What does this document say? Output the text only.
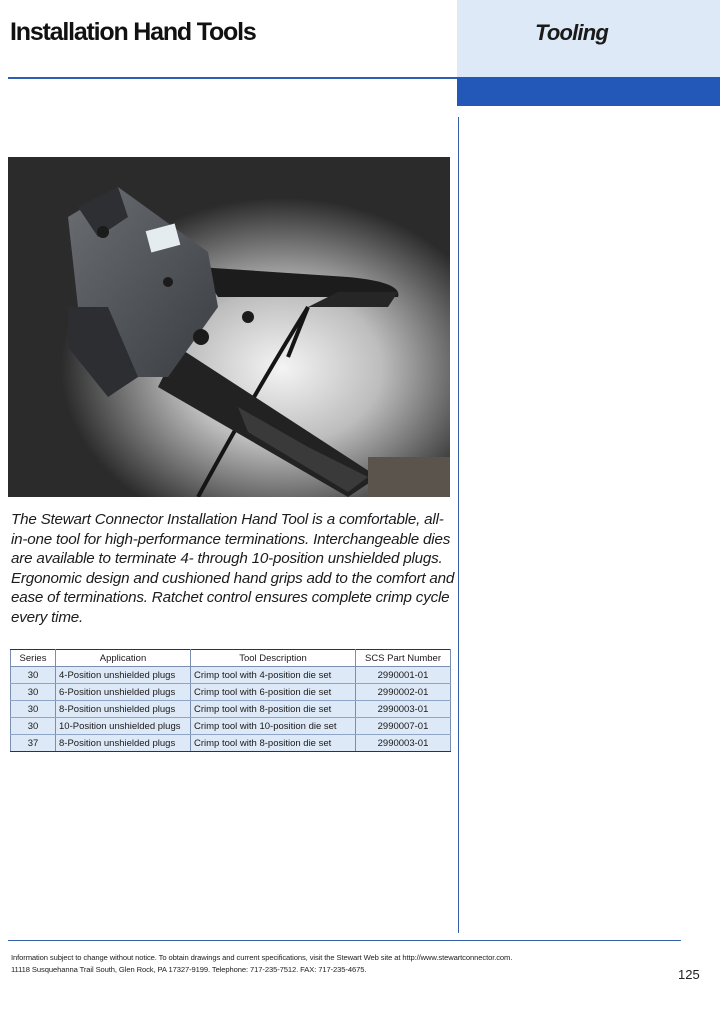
Installation Hand Tools	Tooling

The Stewart Connector Installation Hand Tool is a comfortable, all-in-one tool for high-performance terminations. Interchangeable dies are available to terminate 4- through 10-position unshielded plugs. Ergonomic design and cushioned hand grips add to the comfort and ease of terminations. Ratchet control ensures complete crimp cycle every time.

Series	Application	Tool Description	SCS Part Number
30	4-Position unshielded plugs	Crimp tool with 4-position die set	2990001-01
30	6-Position unshielded plugs	Crimp tool with 6-position die set	2990002-01
30	8-Position unshielded plugs	Crimp tool with 8-position die set	2990003-01
30	10-Position unshielded plugs	Crimp tool with 10-position die set	2990007-01
37	8-Position unshielded plugs	Crimp tool with 8-position die set	2990003-01
Information subject to change without notice. To obtain drawings and current specifications, visit the Stewart Web site at http://www.stewartconnector.com.
11118 Susquehanna Trail South, Glen Rock, PA 17327-9199. Telephone: 717-235-7512. FAX: 717-235-4675.	125
